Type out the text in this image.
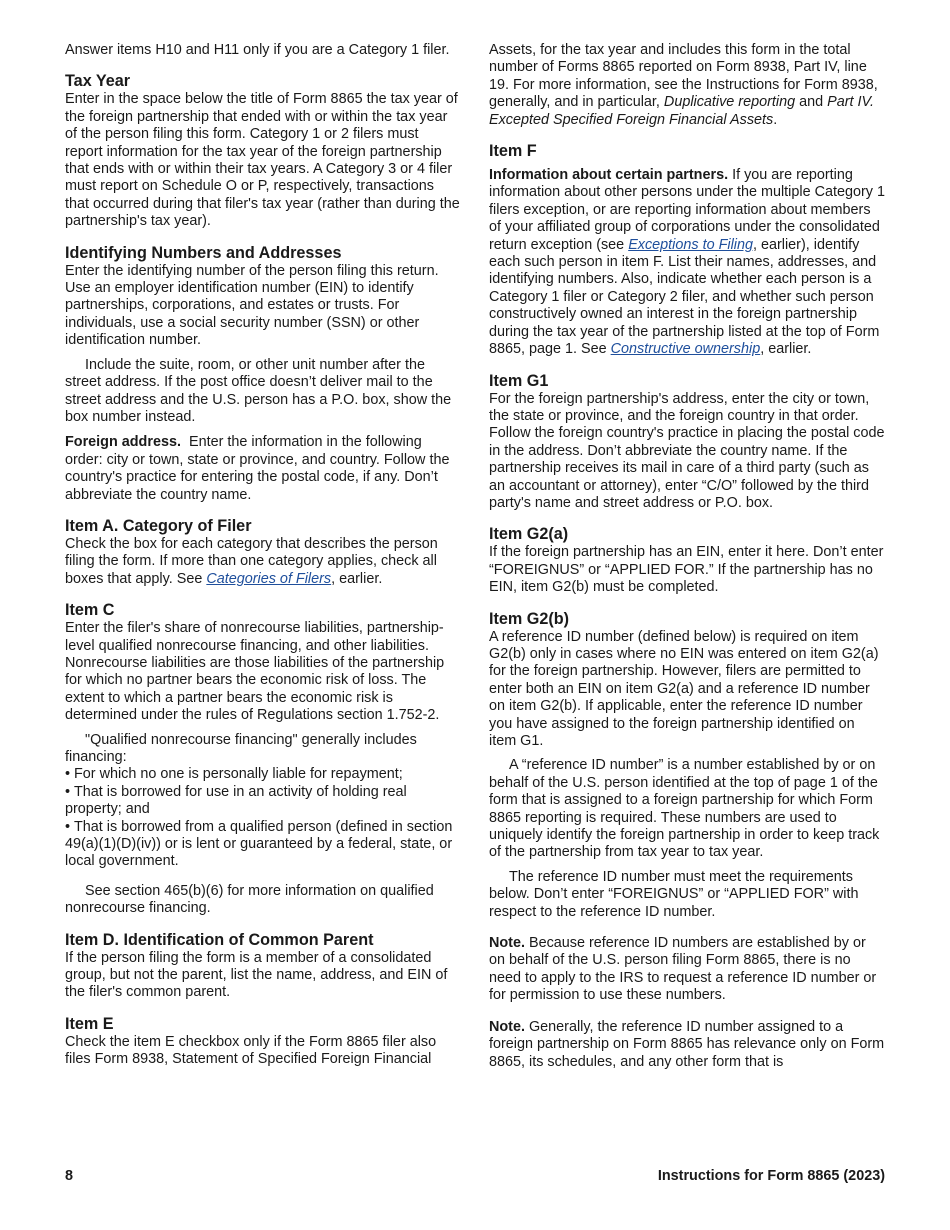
Answer items H10 and H11 only if you are a Category 1 filer.

Tax Year

Enter in the space below the title of Form 8865 the tax year of the foreign partnership that ended with or within the tax year of the person filing this form. Category 1 or 2 filers must report information for the tax year of the foreign partnership that ends with or within their tax years. A Category 3 or 4 filer must report on Schedule O or P, respectively, transactions that occurred during that filer's tax year (rather than during the partnership's tax year).

Identifying Numbers and Addresses

Enter the identifying number of the person filing this return. Use an employer identification number (EIN) to identify partnerships, corporations, and estates or trusts. For individuals, use a social security number (SSN) or other identification number.

Include the suite, room, or other unit number after the street address. If the post office doesn’t deliver mail to the street address and the U.S. person has a P.O. box, show the box number instead.

Foreign address. Enter the information in the following order: city or town, state or province, and country. Follow the country's practice for entering the postal code, if any. Don’t abbreviate the country name.

Item A. Category of Filer

Check the box for each category that describes the person filing the form. If more than one category applies, check all boxes that apply. See Categories of Filers, earlier.

Item C

Enter the filer's share of nonrecourse liabilities, partnership-level qualified nonrecourse financing, and other liabilities. Nonrecourse liabilities are those liabilities of the partnership for which no partner bears the economic risk of loss. The extent to which a partner bears the economic risk is determined under the rules of Regulations section 1.752-2.

"Qualified nonrecourse financing" generally includes financing:

• For which no one is personally liable for repayment;
• That is borrowed for use in an activity of holding real property; and
• That is borrowed from a qualified person (defined in section 49(a)(1)(D)(iv)) or is lent or guaranteed by a federal, state, or local government.

See section 465(b)(6) for more information on qualified nonrecourse financing.

Item D. Identification of Common Parent

If the person filing the form is a member of a consolidated group, but not the parent, list the name, address, and EIN of the filer's common parent.

Item E

Check the item E checkbox only if the Form 8865 filer also files Form 8938, Statement of Specified Foreign Financial

Assets, for the tax year and includes this form in the total number of Forms 8865 reported on Form 8938, Part IV, line 19. For more information, see the Instructions for Form 8938, generally, and in particular, Duplicative reporting and Part IV. Excepted Specified Foreign Financial Assets.

Item F

Information about certain partners. If you are reporting information about other persons under the multiple Category 1 filers exception, or are reporting information about members of your affiliated group of corporations under the consolidated return exception (see Exceptions to Filing, earlier), identify each such person in item F. List their names, addresses, and identifying numbers. Also, indicate whether each person is a Category 1 filer or Category 2 filer, and whether such person constructively owned an interest in the foreign partnership during the tax year of the partnership listed at the top of Form 8865, page 1. See Constructive ownership, earlier.

Item G1

For the foreign partnership's address, enter the city or town, the state or province, and the foreign country in that order. Follow the foreign country's practice in placing the postal code in the address. Don’t abbreviate the country name. If the partnership receives its mail in care of a third party (such as an accountant or attorney), enter “C/O” followed by the third party's name and street address or P.O. box.

Item G2(a)

If the foreign partnership has an EIN, enter it here. Don’t enter “FOREIGNUS” or “APPLIED FOR.” If the partnership has no EIN, item G2(b) must be completed.

Item G2(b)

A reference ID number (defined below) is required on item G2(b) only in cases where no EIN was entered on item G2(a) for the foreign partnership. However, filers are permitted to enter both an EIN on item G2(a) and a reference ID number on item G2(b). If applicable, enter the reference ID number you have assigned to the foreign partnership identified on item G1.

A “reference ID number” is a number established by or on behalf of the U.S. person identified at the top of page 1 of the form that is assigned to a foreign partnership for which Form 8865 reporting is required. These numbers are used to uniquely identify the foreign partnership in order to keep track of the partnership from tax year to tax year.

The reference ID number must meet the requirements below. Don’t enter “FOREIGNUS” or “APPLIED FOR” with respect to the reference ID number.

Note. Because reference ID numbers are established by or on behalf of the U.S. person filing Form 8865, there is no need to apply to the IRS to request a reference ID number or for permission to use these numbers.

Note. Generally, the reference ID number assigned to a foreign partnership on Form 8865 has relevance only on Form 8865, its schedules, and any other form that is

8	Instructions for Form 8865 (2023)
